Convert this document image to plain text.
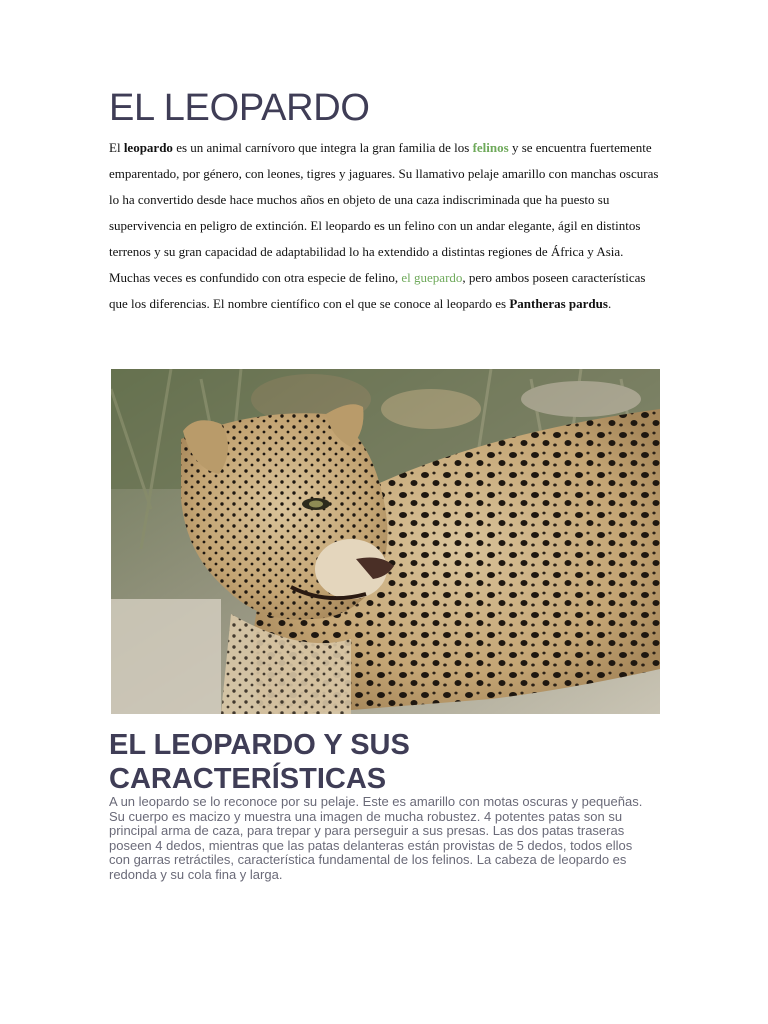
EL LEOPARDO

El leopardo es un animal carnívoro que integra la gran familia de los felinos y se encuentra fuertemente emparentado, por género, con leones, tigres y jaguares. Su llamativo pelaje amarillo con manchas oscuras lo ha convertido desde hace muchos años en objeto de una caza indiscriminada que ha puesto su supervivencia en peligro de extinción. El leopardo es un felino con un andar elegante, ágil en distintos terrenos y su gran capacidad de adaptabilidad lo ha extendido a distintas regiones de África y Asia. Muchas veces es confundido con otra especie de felino, el guepardo, pero ambos poseen características que los diferencias. El nombre científico con el que se conoce al leopardo es Pantheras pardus.

EL LEOPARDO Y SUS CARACTERÍSTICAS

A un leopardo se lo reconoce por su pelaje. Este es amarillo con motas oscuras y pequeñas. Su cuerpo es macizo y muestra una imagen de mucha robustez. 4 potentes patas son su principal arma de caza, para trepar y para perseguir a sus presas. Las dos patas traseras poseen 4 dedos, mientras que las patas delanteras están provistas de 5 dedos, todos ellos con garras retráctiles, característica fundamental de los felinos. La cabeza de leopardo es redonda y su cola fina y larga.
